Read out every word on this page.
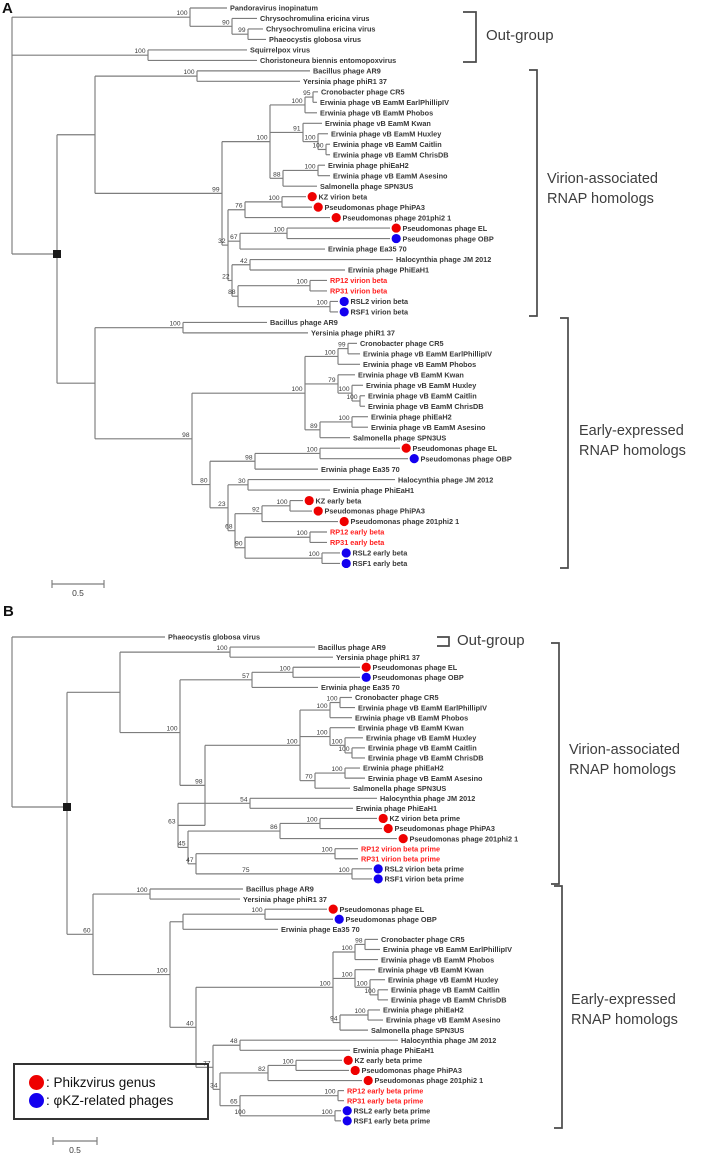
100
Pandoravirus inopinatum
90	Chrysochromulina ericina virus
99	Chrysochromulina ericina virus
Phaeocystis globosa virus
100	Squirrelpox virus
Choristoneura biennis entomopoxvirus
100	Bacillus phage AR9
Yersinia phage phiR1 37
99
100
100
95 Cronobacter phage CR5
Erwinia phage vB EamM EarlPhillipIV
Erwinia phage vB EamM Phobos
91
Erwinia phage vB EamM Kwan
100 Erwinia phage vB EamM Huxley
100 Erwinia phage vB EamM Caitlin
Erwinia phage vB EamM ChrisDB
88
100 Erwinia phage phiEaH2
Erwinia phage vB EamM Asesino
Salmonella phage SPN3US
32
76
100	KZ virion beta
Pseudomonas phage PhiPA3
Pseudomonas phage 201phi2 1
67
100	Pseudomonas phage EL
Pseudomonas phage OBP
Erwinia phage Ea35 70
22
42	Halocynthia phage JM 2012
Erwinia phage PhiEaH1
88
100	RP12 virion beta
RP31 virion beta
100	RSL2 virion beta
RSF1 virion beta
100	Bacillus phage AR9
Yersinia phage phiR1 37
98
100
100
99 Cronobacter phage CR5
Erwinia phage vB EamM EarlPhillipIV
Erwinia phage vB EamM Phobos
79
Erwinia phage vB EamM Kwan
100 Erwinia phage vB EamM Huxley
100 Erwinia phage vB EamM Caitlin
Erwinia phage vB EamM ChrisDB
89
100	Erwinia phage phiEaH2
Erwinia phage vB EamM Asesino
Salmonella phage SPN3US
80
98
100	Pseudomonas phage EL
Pseudomonas phage OBP
Erwinia phage Ea35 70
23
30	Halocynthia phage JM 2012
Erwinia phage PhiEaH1
68
92
100	KZ early beta
Pseudomonas phage PhiPA3
Pseudomonas phage 201phi2 1
90
100	RP12 early beta
RP31 early beta
100	RSL2 early beta
RSF1 early beta
0.5
Phaeocystis globosa virus
100	Bacillus phage AR9
Yersinia phage phiR1 37
100
57
100	Pseudomonas phage EL
Pseudomonas phage OBP
Erwinia phage Ea35 70
98
100
100
100 Cronobacter phage CR5
Erwinia phage vB EamM EarlPhillipIV
Erwinia phage vB EamM Phobos
100
Erwinia phage vB EamM Kwan
100	Erwinia phage vB EamM Huxley
100	Erwinia phage vB EamM Caitlin
Erwinia phage vB EamM ChrisDB
70
100	Erwinia phage phiEaH2
Erwinia phage vB EamM Asesino
Salmonella phage SPN3US
63
54	Halocynthia phage JM 2012
Erwinia phage PhiEaH1
45
86
100	KZ virion beta prime
Pseudomonas phage PhiPA3
Pseudomonas phage 201phi2 1
47
100	RP12 virion beta prime
RP31 virion beta prime
75	100	RSL2 virion beta prime
RSF1 virion beta prime
60
100	Bacillus phage AR9
Yersinia phage phiR1 37
100
100	Pseudomonas phage EL
Pseudomonas phage OBP
Erwinia phage Ea35 70
40
100
100
98	Cronobacter phage CR5
Erwinia phage vB EamM EarlPhillipIV
Erwinia phage vB EamM Phobos
100
Erwinia phage vB EamM Kwan
100	Erwinia phage vB EamM Huxley
100 Erwinia phage vB EamM Caitlin
Erwinia phage vB EamM ChrisDB
94
100 Erwinia phage phiEaH2
Erwinia phage vB EamM Asesino
Salmonella phage SPN3US
77
48	Halocynthia phage JM 2012
Erwinia phage PhiEaH1
34
82
100	KZ early beta prime
Pseudomonas phage PhiPA3
Pseudomonas phage 201phi2 1
65
100 RP12 early beta prime
RP31 early beta prime
100	100	RSL2 early beta prime
RSF1 early beta prime
0.5
A
B
Out-group
Virion-associated
RNAP homologs
Early-expressed
RNAP homologs
Out-group
Virion-associated
RNAP homologs
Early-expressed
RNAP homologs
: Phikzvirus genus
: φKZ-related phages
